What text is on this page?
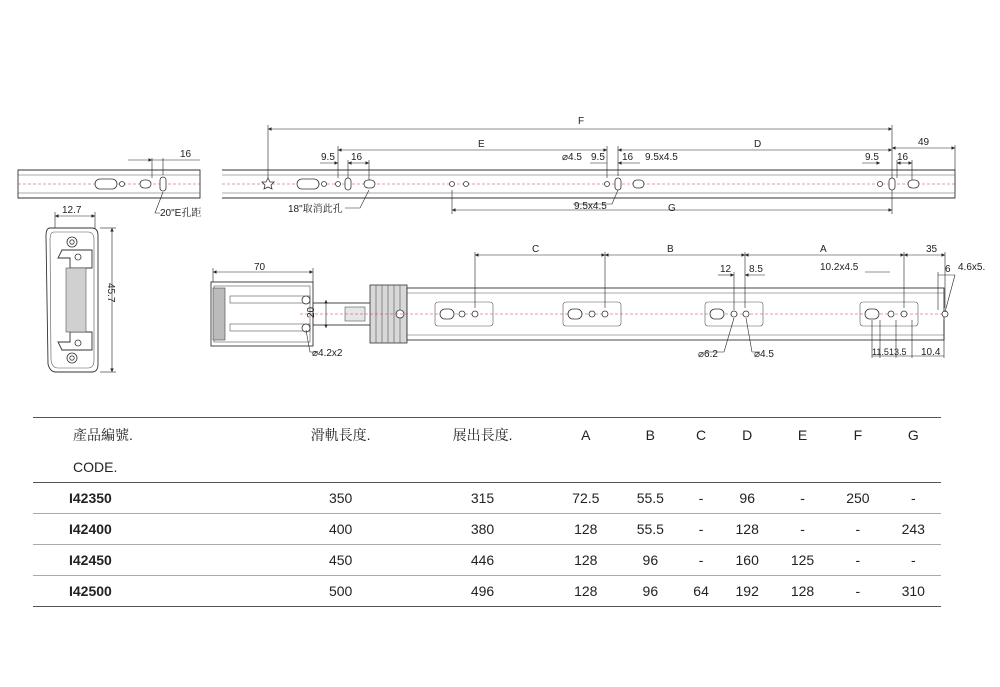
16
20"E孔距
F
49
E	D
9.5 16	⌀4.5 9.5 16 9.5x4.5	9.5 16
9.5x4.5	G
18"取消此孔
12.7
45.7
70
20
⌀4.2x2
C	B	A	35
12 8.5	10.2x4.5	6 4.6x5.
⌀6.2	⌀4.5	11.5 13.5 10.4
產品編號.	滑軌長度.	展出長度.	A	B	C	D	E	F	G
CODE.									
I42350	350	315	72.5	55.5	-	96	-	250	-
I42400	400	380	128	55.5	-	128	-	-	243
I42450	450	446	128	96	-	160	125	-	-
I42500	500	496	128	96	64	192	128	-	310
